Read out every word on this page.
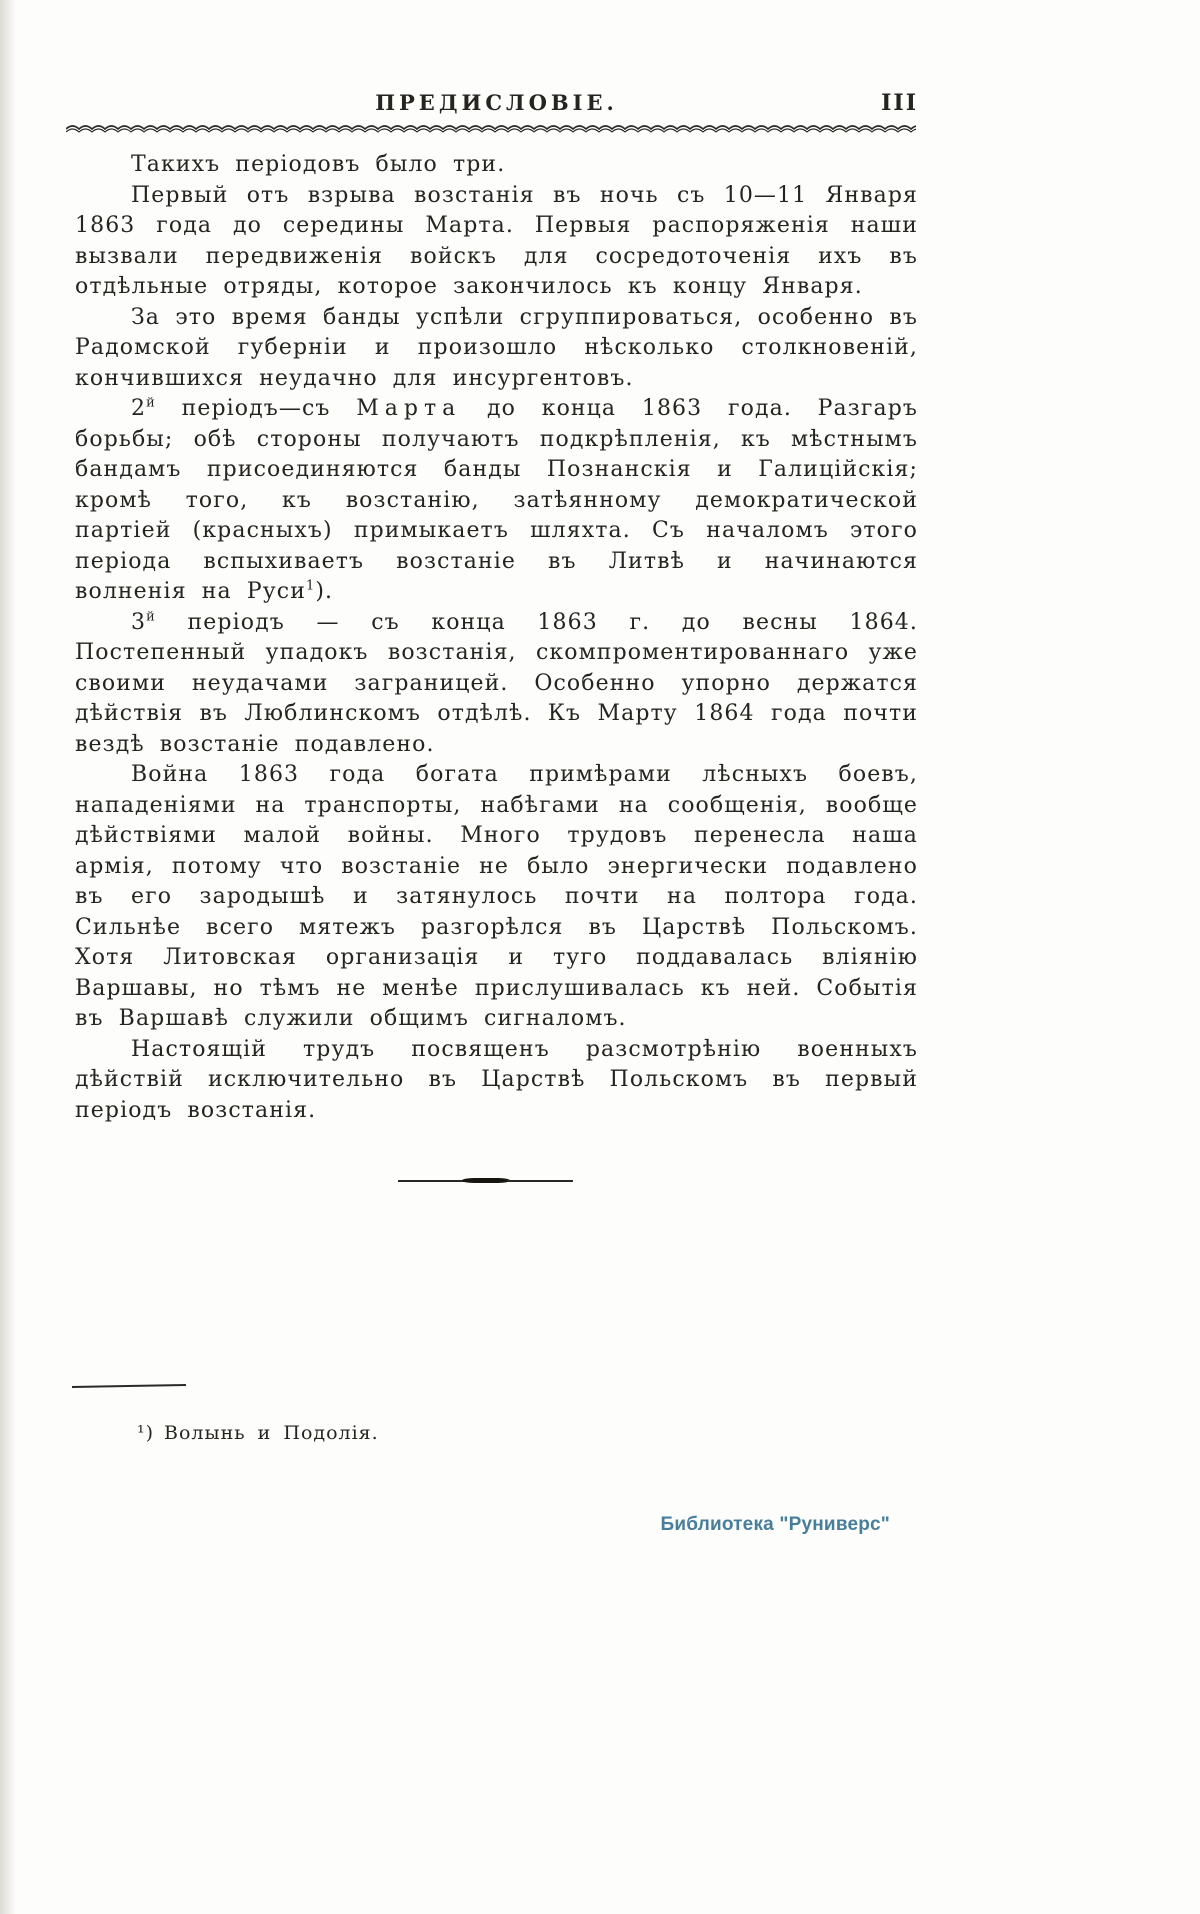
ПРЕДИСЛОВІЕ.	III

Такихъ періодовъ было три.

Первый отъ взрыва возстанія въ ночь съ 10—11 Января 1863 года до середины Марта. Первыя распоряженія наши вызвали передвиженія войскъ для сосредоточенія ихъ въ отдѣльные отряды, которое закончилось къ концу Января.

За это время банды успѣли сгруппироваться, особенно въ Радомской губерніи и произошло нѣсколько столкновеній, кончившихся неудачно для инсургентовъ.

$2^й$ періодъ—съ Марта до конца 1863 года. Разгаръ борьбы; обѣ стороны получаютъ подкрѣпленія, къ мѣстнымъ бандамъ присоединяются банды Познанскія и Галиційскія; кромѣ того, къ возстанію, затѣянному демократической партіей (красныхъ) примыкаетъ шляхта. Съ началомъ этого періода вспыхиваетъ возстаніе въ Литвѣ и начинаются волненія на Руси$^1$).

$3^й$ періодъ — съ конца 1863 г. до весны 1864. Постепенный упадокъ возстанія, скомпроментированнаго уже своими неудачами заграницей. Особенно упорно держатся дѣйствія въ Люблинскомъ отдѣлѣ. Къ Марту 1864 года почти вездѣ возстаніе подавлено.

Война 1863 года богата примѣрами лѣсныхъ боевъ, нападеніями на транспорты, набѣгами на сообщенія, вообще дѣйствіями малой войны. Много трудовъ перенесла наша армія, потому что возстаніе не было энергически подавлено въ его зародышѣ и затянулось почти на полтора года. Сильнѣе всего мятежъ разгорѣлся въ Царствѣ Польскомъ. Хотя Литовская организація и туго поддавалась вліянію Варшавы, но тѣмъ не менѣе прислушивалась къ ней. Событія въ Варшавѣ служили общимъ сигналомъ.

Настоящій трудъ посвященъ разсмотрѣнію военныхъ дѣйствій исключительно въ Царствѣ Польскомъ въ первый періодъ возстанія.

¹) Волынь и Подолія.
Библиотека "Руниверс"
